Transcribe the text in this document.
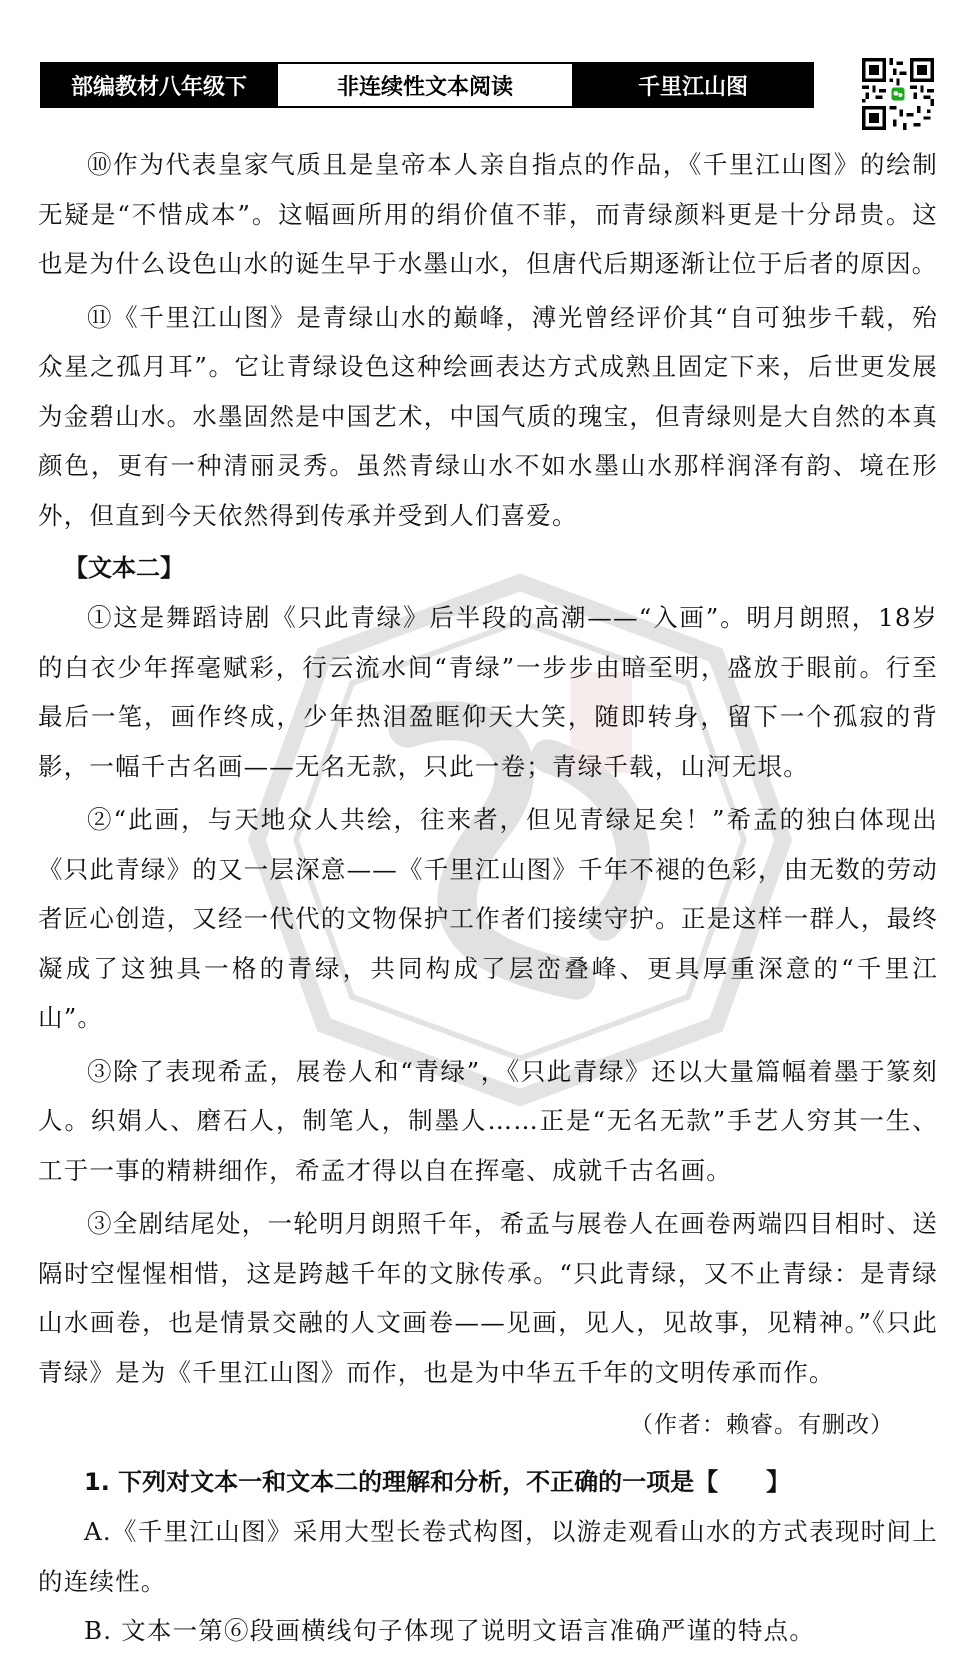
部编教材八年级下	非连续性文本阅读	千里江山图

⑩作为代表皇家气质且是皇帝本人亲自指点的作品，《千里江山图》的绘制无疑是“不惜成本”。这幅画所用的绢价值不菲，而青绿颜料更是十分昂贵。这也是为什么设色山水的诞生早于水墨山水，但唐代后期逐渐让位于后者的原因。

⑪《千里江山图》是青绿山水的巅峰，溥光曾经评价其“自可独步千载，殆众星之孤月耳”。它让青绿设色这种绘画表达方式成熟且固定下来，后世更发展为金碧山水。水墨固然是中国艺术，中国气质的瑰宝，但青绿则是大自然的本真颜色，更有一种清丽灵秀。虽然青绿山水不如水墨山水那样润泽有韵、境在形外，但直到今天依然得到传承并受到人们喜爱。

【文本二】

①这是舞蹈诗剧《只此青绿》后半段的高潮——“入画”。明月朗照，18岁的白衣少年挥毫赋彩，行云流水间“青绿”一步步由暗至明，盛放于眼前。行至最后一笔，画作终成，少年热泪盈眶仰天大笑，随即转身，留下一个孤寂的背影，一幅千古名画——无名无款，只此一卷；青绿千载，山河无垠。

②“此画，与天地众人共绘，往来者，但见青绿足矣！”希孟的独白体现出《只此青绿》的又一层深意——《千里江山图》千年不褪的色彩，由无数的劳动者匠心创造，又经一代代的文物保护工作者们接续守护。正是这样一群人，最终凝成了这独具一格的青绿，共同构成了层峦叠峰、更具厚重深意的“千里江山”。

③除了表现希孟，展卷人和“青绿”，《只此青绿》还以大量篇幅着墨于篆刻人。织娟人、磨石人，制笔人，制墨人……正是“无名无款”手艺人穷其一生、工于一事的精耕细作，希孟才得以自在挥毫、成就千古名画。

③全剧结尾处，一轮明月朗照千年，希孟与展卷人在画卷两端四目相时、送隔时空惺惺相惜，这是跨越千年的文脉传承。“只此青绿，又不止青绿：是青绿山水画卷，也是情景交融的人文画卷——见画，见人，见故事，见精神。”《只此青绿》是为《千里江山图》而作，也是为中华五千年的文明传承而作。

（作者：赖睿。有删改）

1. 下列对文本一和文本二的理解和分析，不正确的一项是【　　】

A.《千里江山图》采用大型长卷式构图，以游走观看山水的方式表现时间上的连续性。

B. 文本一第⑥段画横线句子体现了说明文语言准确严谨的特点。
